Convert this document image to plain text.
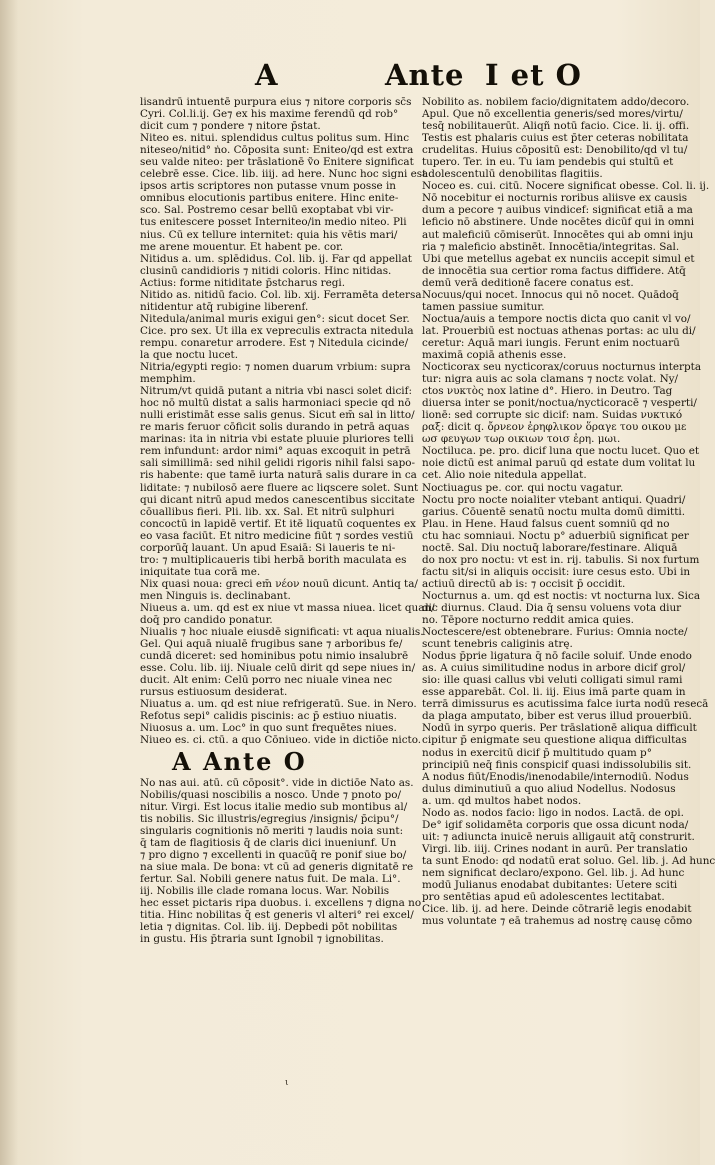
A	Ante I et O
lisandrū intuentē purpura eius ⁊ nitore corporis sc̄s
Cyri. Col.li.ij. Ge⁊ ex his maxime ferendū qd rob°
dicit cum ⁊ pondere ⁊ nitore p̄stat.
Niteo es. nitui. splendidus cultus politus sum. Hinc
niteseo/nitid° ṅo. Cōposita sunt: Eniteo/qd est extra
seu valde niteo: per trāslationē ṽo Enitere significat
celebrē esse. Cice. lib. iiij. ad here. Nunc hoc signi est
ipsos artis scriptores non putasse vnum posse in
omnibus elocutionis partibus enitere. Hinc enite-
sco. Sal. Postremo cesar bellū exoptabat vbi vir-
tus enitescere posset Interniteo/in medio niteo. Pli
nius. Cū ex tellure internitet: quia his vētis mari/
me arene mouentur. Et habent pe. cor.
Nitidus a. um. splēdidus. Col. lib. ij. Far qd appellat
clusinū candidioris ⁊ nitidi coloris. Hinc nitidas.
Actius: forme nitiditate p̄stcharus regi.
Nitido as. nitidū facio. Col. lib. xij. Ferramēta detersa
nitidentur atq̄ rubigine liberenf.
Nitedula/animal muris exigui gen°: sicut docet Ser.
Cice. pro sex. Ut illa ex vepreculis extracta nitedula
rempu. conaretur arrodere. Est ⁊ Nitedula cicinde/
la que noctu lucet.
Nitria/egypti regio: ⁊ nomen duarum vrbium: supra
memphim.
Nitrum/vt quidā putant a nitria vbi nasci solet dicif:
hoc nō multū distat a salis harmoniaci specie qd nō
nulli eristimāt esse salis genus. Sicut em̄ sal in litto/
re maris feruor cōficit solis durando in petrā aquas
marinas: ita in nitria vbi estate pluuie pluriores telli
rem infundunt: ardor nimi° aquas excoquit in petrā
sali simillimā: sed nihil gelidi rigoris nihil falsi sapo-
ris habente: que tamē iurta naturā salis durare in ca
liditate: ⁊ nubilosō aere fluere ac liqscere solet. Sunt
qui dicant nitrū apud medos canescentibus siccitate
cōuallibus fieri. Pli. lib. xx. Sal. Et nitrū sulphuri
concoctū in lapidē vertif. Et itē liquatū coquentes ex
eo vasa faciūt. Et nitro medicine fiūt ⁊ sordes vestiū
corporūq̄ lauant. Un apud Esaiā: Si laueris te ni-
tro: ⁊ multiplicaueris tibi herbā borith maculata es
iniquitate tua corā me.
Nix quasi noua: greci em̄ νέον nouū dicunt. Antiq ta/
men Ninguis is. declinabant.
Niueus a. um. qd est ex niue vt massa niuea. licet quan/
doq̄ pro candido ponatur.
Niualis ⁊ hoc niuale eiusdē significati: vt aqua niualis.
Gel. Qui aquā niualē frugibus sane ⁊ arboribus fe/
cundā diceret: sed hominibus potu nimio insalubrē
esse. Colu. lib. iij. Niuale celū dirit qd sepe niues in/
ducit. Alt enim: Celū porro nec niuale vinea nec
rursus estiuosum desiderat.
Niuatus a. um. qd est niue refrigeratū. Sue. in Nero.
Refotus sepi° calidis piscinis: ac p̄ estiuo niuatis.
Niuosus a. um. Loc° in quo sunt frequētes niues.
Niueo es. ci. ctū. a quo Cōniueo. vide in dictiōe nicto.
A Ante O
No nas aui. atū. cū cōposit°. vide in dictiōe Nato as.
Nobilis/quasi noscibilis a nosco. Unde ⁊ pnoto po/
nitur. Virgi. Est locus italie medio sub montibus al/
tis nobilis. Sic illustris/egregius /insignis/ p̄cipu°/
singularis cognitionis nō meriti ⁊ laudis noia sunt:
q̄ tam de flagitiosis q̄ de claris dici inueniunf. Un
⁊ pro digno ⁊ excellenti in quacūq̄ re ponif siue bo/
na siue mala. De bona: vt cū ad generis dignitatē re
fertur. Sal. Nobili genere natus fuit. De mala. Li°.
iij. Nobilis ille clade romana locus. War. Nobilis
hec esset pictaris ripa duobus. i. excellens ⁊ digna no
titia. Hinc nobilitas q̄ est generis vl alteri° rei excel/
letia ⁊ dignitas. Col. lib. iij. Depbedi pōt nobilitas
in gustu. His p̄traria sunt Ignobil ⁊ ignobilitas.
Nobilito as. nobilem facio/dignitatem addo/decoro.
Apul. Que nō excellentia generis/sed mores/virtu/
tesq̄ nobilitauerūt. Aliqñ notū facio. Cice. li. ij. offi.
Testis est phalaris cuius est p̄ter ceteras nobilitata
crudelitas. Huius cōpositū est: Denobilito/qd vl tu/
tupero. Ter. in eu. Tu iam pendebis qui stultū et
adolescentulū denobilitas flagitiis.
Noceo es. cui. citū. Nocere significat obesse. Col. li. ij.
Nō nocebitur ei nocturnis roribus aliisve ex causis
dum a pecore ⁊ auibus vindicef: significat etiā a ma
leficio nō abstinere. Unde nocētes dicūf qui in omni
aut maleficiū cōmiserūt. Innocētes qui ab omni inju
ria ⁊ maleficio abstinēt. Innocētia/integritas. Sal.
Ubi que metellus agebat ex nunciis accepit simul et
de innocētia sua certior roma factus diffidere. Atq̄
demū verā deditionē facere conatus est.
Nocuus/qui nocet. Innocus qui nō nocet. Quādoq̄
tamen passiue sumitur.
Noctua/auis a tempore noctis dicta quo canit vl vo/
lat. Prouerbiū est noctuas athenas portas: ac ulu di/
ceretur: Aquā mari iungis. Ferunt enim noctuarū
maximā copiā athenis esse.
Nocticorax seu nycticorax/coruus nocturnus interpta
tur: nigra auis ac sola clamans ⁊ noctε volat. Ny/
ctos νυκτὸς nox latine d°. Hiero. in Deutro. Tag
diuersa inter se ponit/noctua/nycticoracē ⁊ vesperti/
lionē: sed corrupte sic dicif: nam. Suidas νυκτικό
ραξ: dicit q. ὄρνεον ἐρηφλικον ὅραγε του οικου με
ωσ φευγων τωρ οικιων τοισ ἐρη. μωι.
Noctiluca. pe. pro. dicif luna que noctu lucet. Quo et
noie dictū est animal paruū qd estate dum volitat lu
cet. Alio noie nitedula appellat.
Noctiuagus pe. cor. qui noctu vagatur.
Noctu pro nocte noialiter vtebant antiqui. Quadri/
garius. Cōuentē senatū noctu multa domū dimitti.
Plau. in Hene. Haud falsus cuent somniū qd no
ctu hac somniaui. Noctu p° aduerbiū significat per
noctē. Sal. Diu noctuq̄ laborare/festinare. Aliquā
do nox pro noctu: vt est in. rij. tabulis. Si nox furtum
factu sit/si in aliquis occisit: iure cesus esto. Ubi in
actiuū directū ab is: ⁊ occisit p̄ occidit.
Nocturnus a. um. qd est noctis: vt nocturna lux. Sica
dic diurnus. Claud. Dia q̄ sensu voluens vota diur
no. Tēpore nocturno reddit amica quies.
Noctescere/est obtenebrare. Furius: Omnia nocte/
scunt tenebris caliginis atrę.
Nodus p̄prie ligatura q̄ nō facile soluif. Unde enodo
as. A cuius similitudine nodus in arbore dicif grol/
sio: ille quasi callus vbi veluti colligati simul rami
esse apparebāt. Col. li. iij. Eius imā parte quam in
terrā dimissurus es acutissima falce iurta nodū resecā
da plaga amputato, biber est verus illud prouerbiū.
Nodū in syrpo queris. Per trāslationē aliqua difficult
cipitur p̄ enigmate seu questione aliqua difficultas
nodus in exercitū dicif p̄ multitudo quam p°
principiū neq̄ finis conspicif quasi indissolubilis sit.
A nodus fiūt/Enodis/inenodabile/internodiū. Nodus
dulus diminutiuū a quo aliud Nodellus. Nodosus
a. um. qd multos habet nodos.
Nodo as. nodos facio: ligo in nodos. Lactā. de opi.
De° igif solidamēta corporis que ossa dicunt noda/
uit: ⁊ adiuncta inuicē neruis alligauit atq̄ construrit.
Virgi. lib. iiij. Crines nodant in aurū. Per translatio
ta sunt Enodo: qd nodatū erat soluo. Gel. lib. j. Ad hunc
nem significat declaro/expono. Gel. lib. j. Ad hunc
modū Julianus enodabat dubitantes: Uetere sciti
pro sentētias apud eū adolescentes lectitabat.
Cice. lib. ij. ad here. Deinde cōtrariē legis enodabit
mus voluntate ⁊ eā trahemus ad nostrę causę cōmo
ι
